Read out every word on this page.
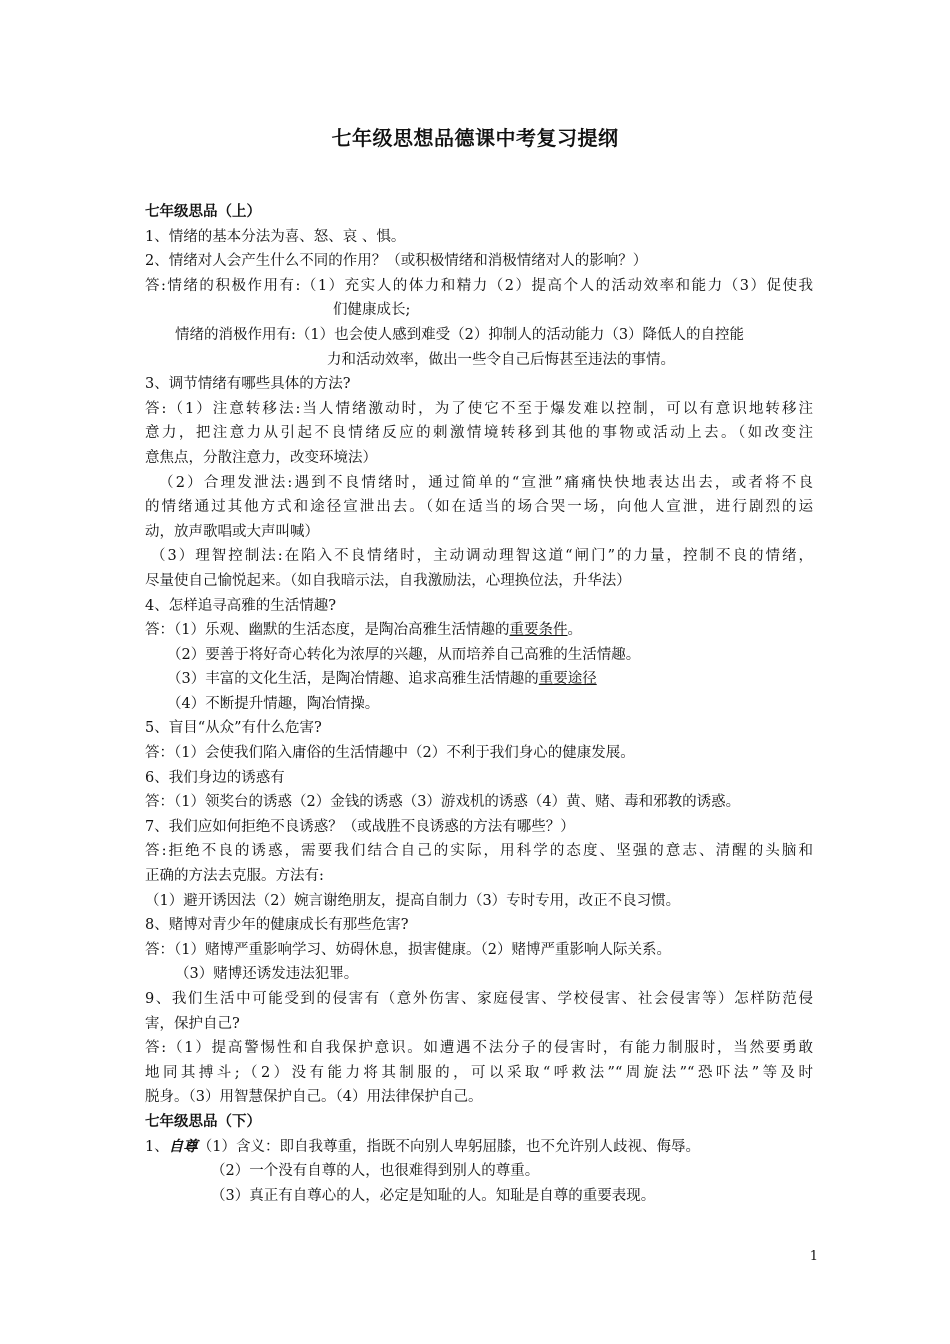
七年级思想品德课中考复习提纲
七年级思品（上）
1、情绪的基本分法为喜、怒、哀 、惧。
2、情绪对人会产生什么不同的作用？（或积极情绪和消极情绪对人的影响？）
答:情绪的积极作用有:（1）充实人的体力和精力（2）提高个人的活动效率和能力（3）促使我
们健康成长;
情绪的消极作用有:（1）也会使人感到难受（2）抑制人的活动能力（3）降低人的自控能
力和活动效率，做出一些令自己后悔甚至违法的事情。
3、调节情绪有哪些具体的方法?
答:（1）注意转移法:当人情绪激动时，为了使它不至于爆发难以控制，可以有意识地转移注
意力，把注意力从引起不良情绪反应的刺激情境转移到其他的事物或活动上去。（如改变注
意焦点，分散注意力，改变环境法）
（2）合理发泄法:遇到不良情绪时，通过简单的“宣泄”痛痛快快地表达出去，或者将不良
的情绪通过其他方式和途径宣泄出去。（如在适当的场合哭一场，向他人宣泄，进行剧烈的运
动，放声歌唱或大声叫喊）
（3）理智控制法:在陷入不良情绪时，主动调动理智这道“闸门”的力量，控制不良的情绪，
尽量使自己愉悦起来。（如自我暗示法，自我激励法，心理换位法，升华法）
4、怎样追寻高雅的生活情趣?
答：（1）乐观、幽默的生活态度，是陶冶高雅生活情趣的重要条件。
（2）要善于将好奇心转化为浓厚的兴趣，从而培养自己高雅的生活情趣。
（3）丰富的文化生活，是陶冶情趣、追求高雅生活情趣的重要途径
（4）不断提升情趣，陶冶情操。
5、盲目“从众”有什么危害?
答：（1）会使我们陷入庸俗的生活情趣中（2）不利于我们身心的健康发展。
6、我们身边的诱惑有
答：（1）领奖台的诱惑（2）金钱的诱惑（3）游戏机的诱惑（4）黄、赌、毒和邪教的诱惑。
7、我们应如何拒绝不良诱惑？（或战胜不良诱惑的方法有哪些？）
答:拒绝不良的诱惑，需要我们结合自己的实际，用科学的态度、坚强的意志、清醒的头脑和
正确的方法去克服。方法有:
（1）避开诱因法（2）婉言谢绝朋友，提高自制力（3）专时专用，改正不良习惯。
8、赌博对青少年的健康成长有那些危害?
答：（1）赌博严重影响学习、妨碍休息，损害健康。（2）赌博严重影响人际关系。
（3）赌博还诱发违法犯罪。
9、我们生活中可能受到的侵害有（意外伤害、家庭侵害、学校侵害、社会侵害等）怎样防范侵
害，保护自己?
答:（1）提高警惕性和自我保护意识。如遭遇不法分子的侵害时，有能力制服时，当然要勇敢
地同其搏斗;（2）没有能力将其制服的，可以采取“呼救法”“周旋法”“恐吓法”等及时
脱身。（3）用智慧保护自己。（4）用法律保护自己。
七年级思品（下）
1、自尊（1）含义：即自我尊重，指既不向别人卑躬屈膝，也不允许别人歧视、侮辱。
（2）一个没有自尊的人，也很难得到别人的尊重。
（3）真正有自尊心的人，必定是知耻的人。知耻是自尊的重要表现。
1
